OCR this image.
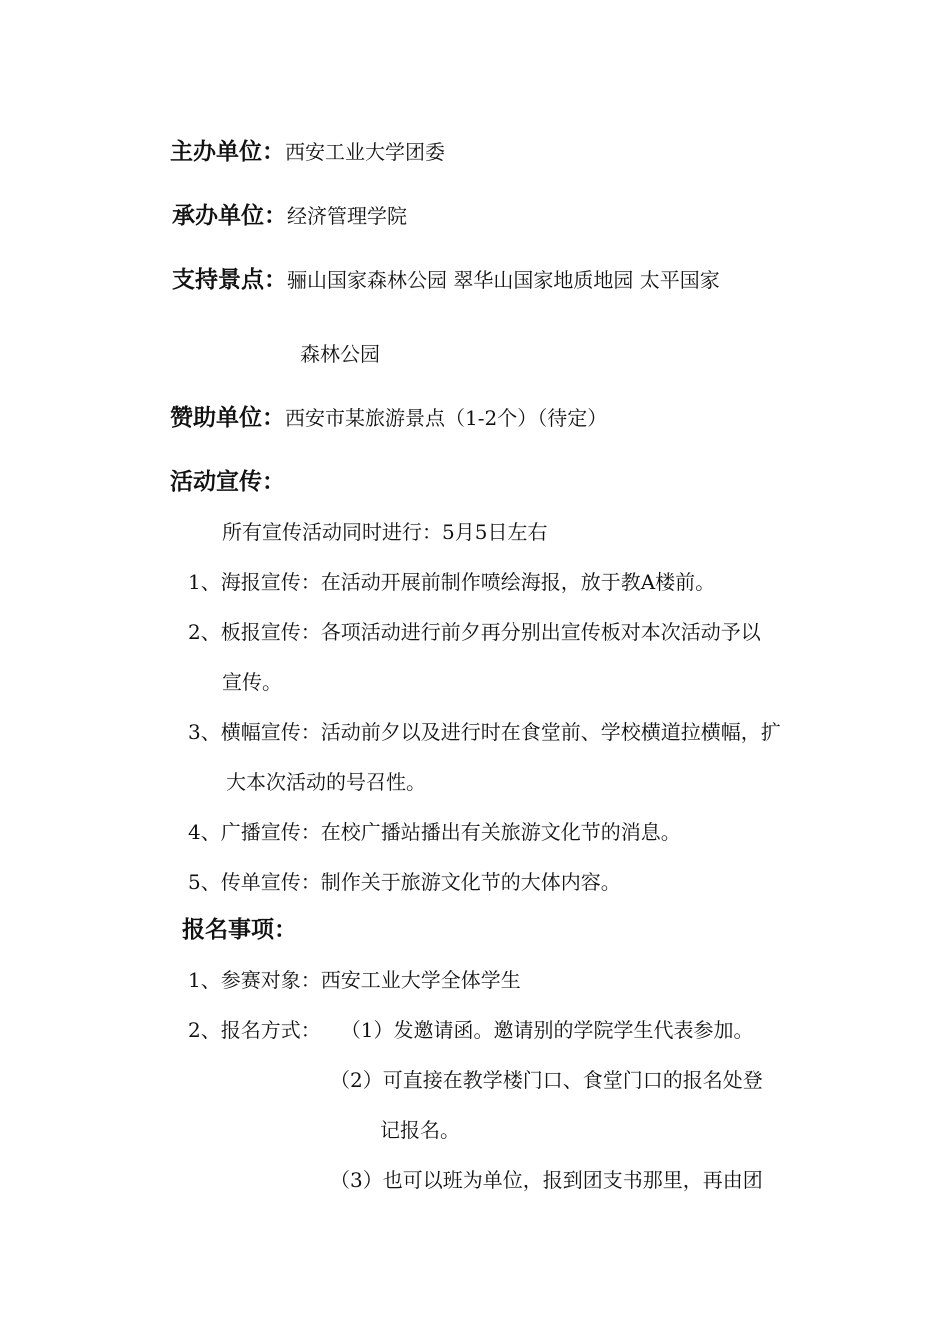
主办单位：西安工业大学团委
承办单位：经济管理学院
支持景点：骊山国家森林公园 翠华山国家地质地园 太平国家
森林公园
赞助单位：西安市某旅游景点（1-2个）（待定）
活动宣传：
所有宣传活动同时进行：5月5日左右
1、海报宣传：在活动开展前制作喷绘海报，放于教A楼前。
2、板报宣传：各项活动进行前夕再分别出宣传板对本次活动予以
宣传。
3、横幅宣传：活动前夕以及进行时在食堂前、学校横道拉横幅，扩
大本次活动的号召性。
4、广播宣传：在校广播站播出有关旅游文化节的消息。
5、传单宣传：制作关于旅游文化节的大体内容。
报名事项：
1、参赛对象：西安工业大学全体学生
2、报名方式： （1）发邀请函。邀请别的学院学生代表参加。
（2）可直接在教学楼门口、食堂门口的报名处登
记报名。
（3）也可以班为单位，报到团支书那里，再由团
